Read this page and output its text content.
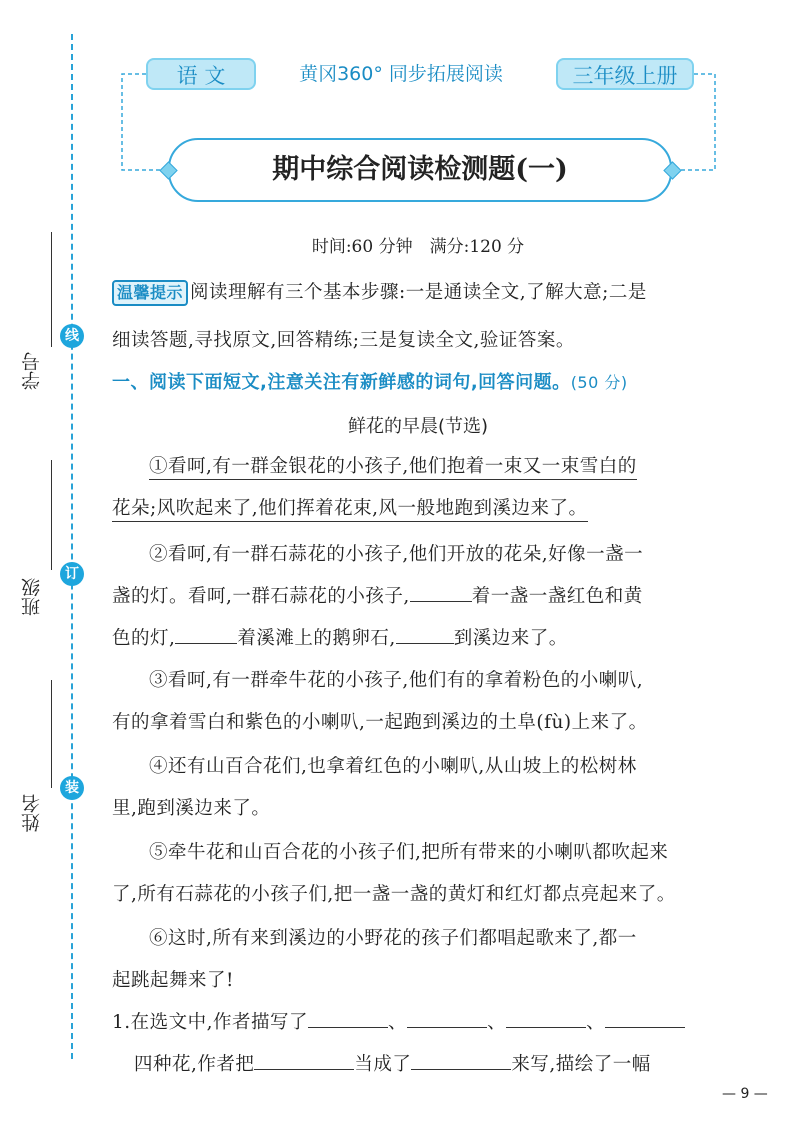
线
订
装
学号
班级
姓名
语 文	黄冈360° 同步拓展阅读	三年级上册
期中综合阅读检测题(一)
时间:60 分钟　满分:120 分
温馨提示 阅读理解有三个基本步骤:一是通读全文,了解大意;二是
细读答题,寻找原文,回答精练;三是复读全文,验证答案。
一、阅读下面短文,注意关注有新鲜感的词句,回答问题。(50 分)
鲜花的早晨(节选)
①看呵,有一群金银花的小孩子,他们抱着一束又一束雪白的
花朵;风吹起来了,他们挥着花束,风一般地跑到溪边来了。
②看呵,有一群石蒜花的小孩子,他们开放的花朵,好像一盏一
盏的灯。看呵,一群石蒜花的小孩子,	着一盏一盏红色和黄
色的灯,	着溪滩上的鹅卵石,	到溪边来了。
③看呵,有一群牵牛花的小孩子,他们有的拿着粉色的小喇叭,
有的拿着雪白和紫色的小喇叭,一起跑到溪边的土阜(fù)上来了。
④还有山百合花们,也拿着红色的小喇叭,从山坡上的松树林
里,跑到溪边来了。
⑤牵牛花和山百合花的小孩子们,把所有带来的小喇叭都吹起来
了,所有石蒜花的小孩子们,把一盏一盏的黄灯和红灯都点亮起来了。
⑥这时,所有来到溪边的小野花的孩子们都唱起歌来了,都一
起跳起舞来了!
1.在选文中,作者描写了	、	、	、
四种花,作者把	当成了	来写,描绘了一幅
— 9 —
